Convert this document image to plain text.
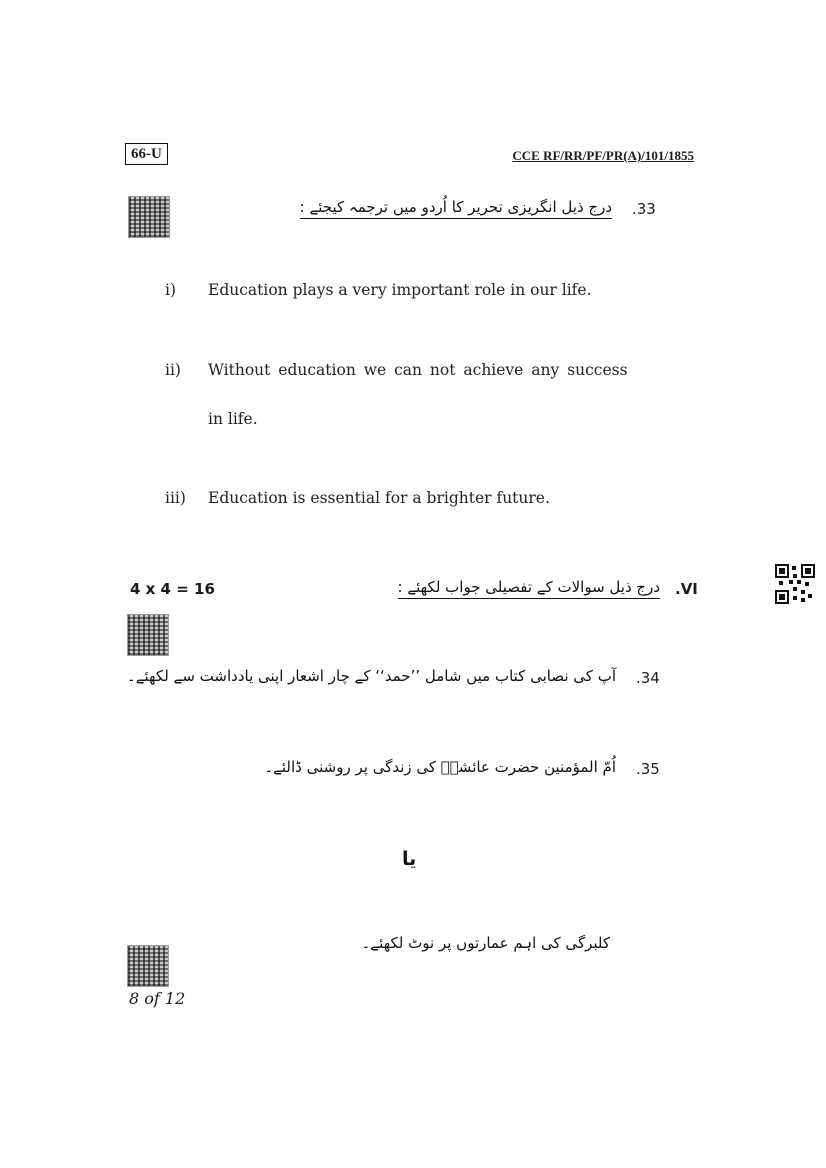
66-U	CCE RF/RR/PF/PR(A)/101/1855
.33
درج ذیل انگریزی تحریر کا اُردو میں ترجمہ کیجئے :
i) Education plays a very important role in our life.
ii) Without education we can not achieve any success
in life.
iii) Education is essential for a brighter future.
4 x 4 = 16	درج ذیل سوالات کے تفصیلی جواب لکھئے : .VI
.34
آپ کی نصابی کتاب میں شامل ’’حمد‘‘ کے چار اشعار اپنی یادداشت سے لکھئے۔
.35
اُمّ المؤمنین حضرت عائشہؓ کی زندگی پر روشنی ڈالئے۔
یا
کلبرگی کی اہم عمارتوں پر نوٹ لکھئے۔
8 of 12
